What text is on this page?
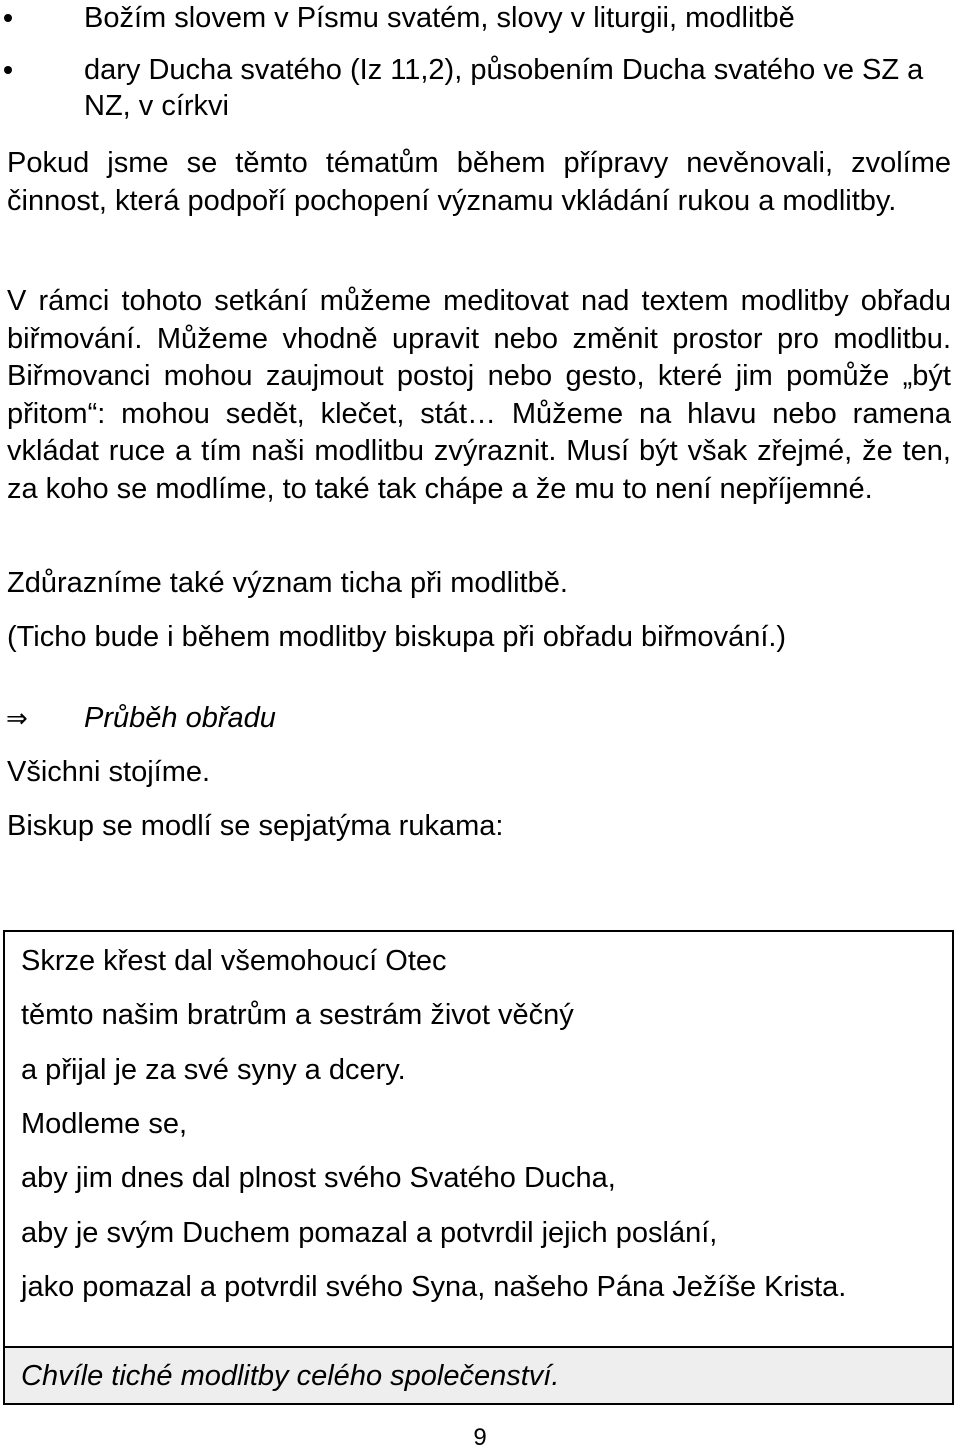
Božím slovem v Písmu svatém, slovy v liturgii, modlitbě
dary Ducha svatého (Iz 11,2), působením Ducha svatého ve SZ a NZ, v církvi

Pokud jsme se těmto tématům během přípravy nevěnovali, zvolíme činnost, která podpoří pochopení významu vkládání rukou a modlitby.

V rámci tohoto setkání můžeme meditovat nad textem modlitby obřadu biřmování. Můžeme vhodně upravit nebo změnit prostor pro modlitbu. Biřmovanci mohou zaujmout postoj nebo gesto, které jim pomůže „být přitom“: mohou sedět, klečet, stát… Můžeme na hlavu nebo ramena vkládat ruce a tím naši modlitbu zvýraznit. Musí být však zřejmé, že ten, za koho se modlíme, to také tak chápe a že mu to není nepříjemné.

Zdůrazníme také význam ticha při modlitbě.

(Ticho bude i během modlitby biskupa při obřadu biřmování.)

⇒ Průběh obřadu

Všichni stojíme.

Biskup se modlí se sepjatýma rukama:

Skrze křest dal všemohoucí Otec

těmto našim bratrům a sestrám život věčný

a přijal je za své syny a dcery.

Modleme se,

aby jim dnes dal plnost svého Svatého Ducha,

aby je svým Duchem pomazal a potvrdil jejich poslání,

jako pomazal a potvrdil svého Syna, našeho Pána Ježíše Krista.

Chvíle tiché modlitby celého společenství.
9
